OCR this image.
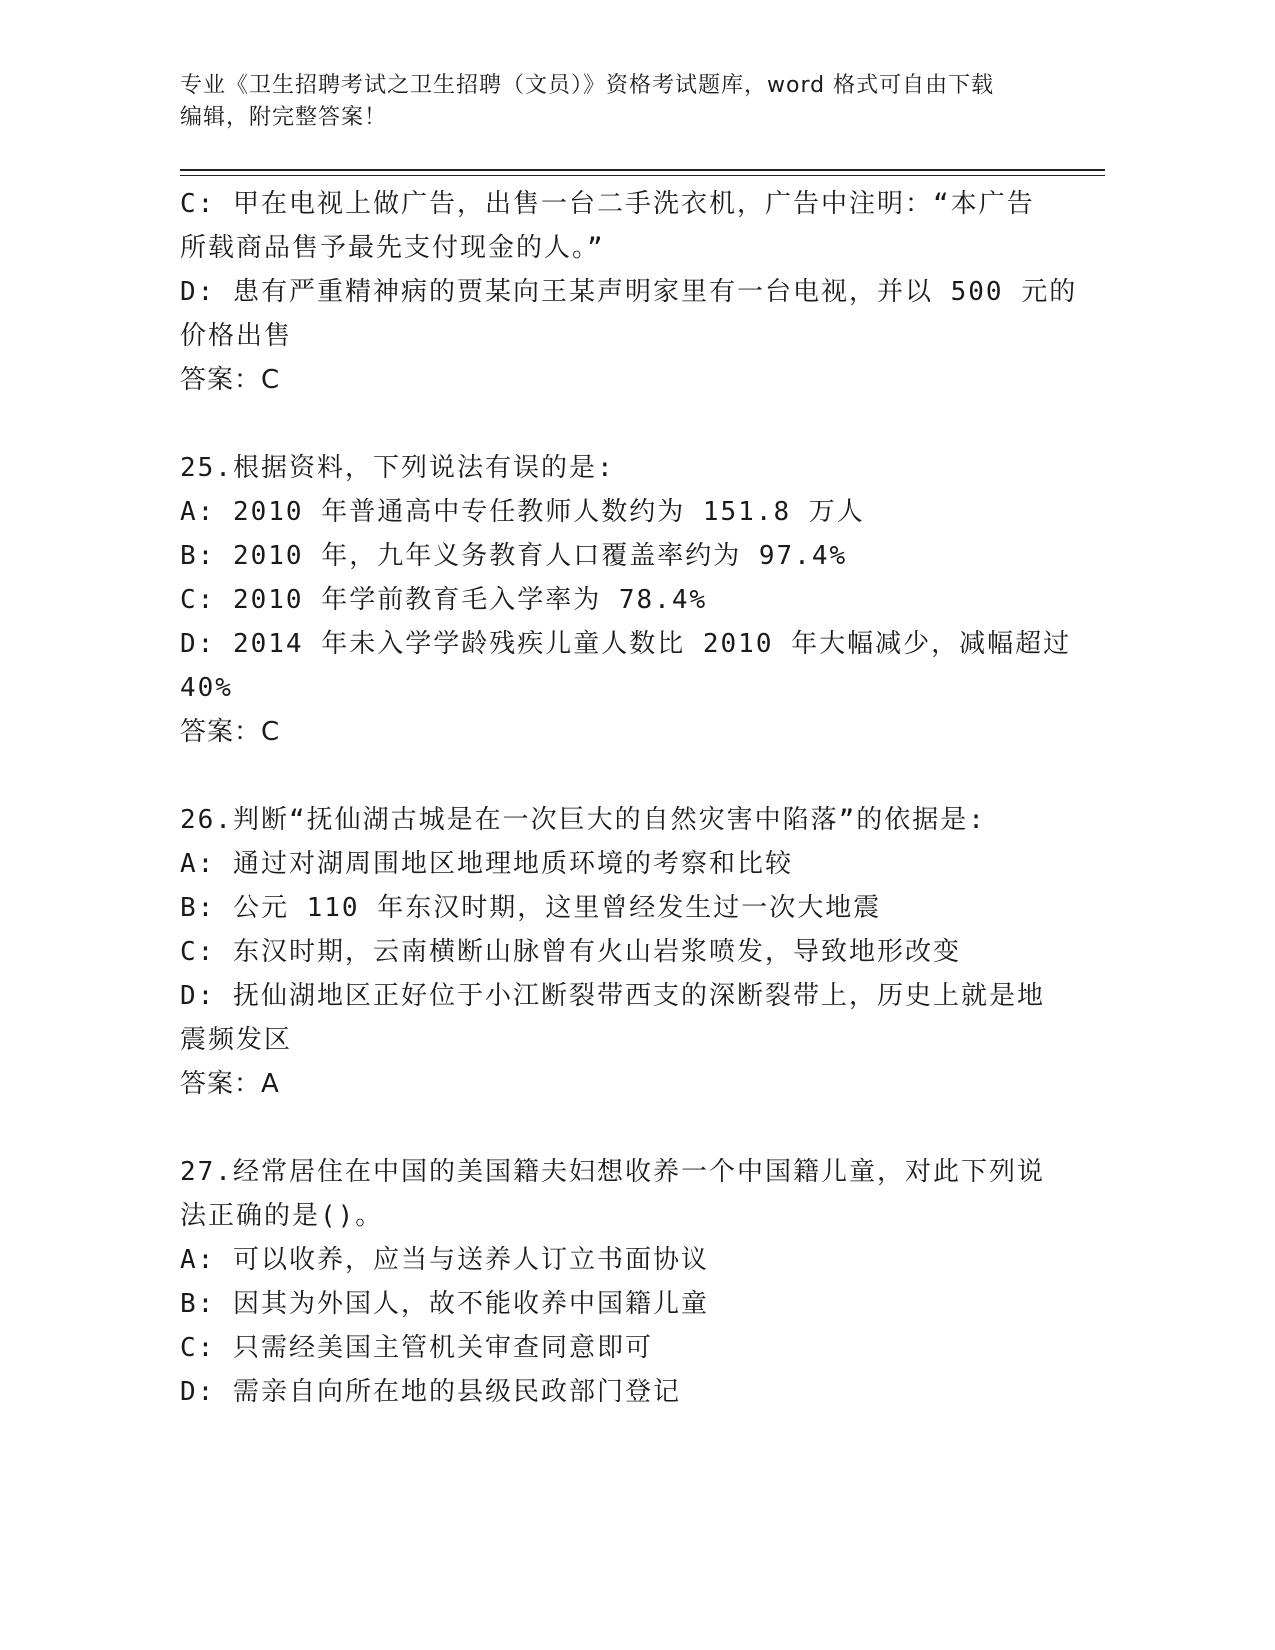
专业《卫生招聘考试之卫生招聘（文员）》资格考试题库，word 格式可自由下载
编辑，附完整答案！
C: 甲在电视上做广告，出售一台二手洗衣机，广告中注明：“本广告
所载商品售予最先支付现金的人。”
D: 患有严重精神病的贾某向王某声明家里有一台电视，并以 500 元的
价格出售
答案：C
25.根据资料，下列说法有误的是:
A: 2010 年普通高中专任教师人数约为 151.8 万人
B: 2010 年，九年义务教育人口覆盖率约为 97.4%
C: 2010 年学前教育毛入学率为 78.4%
D: 2014 年未入学学龄残疾儿童人数比 2010 年大幅减少，减幅超过
40%
答案：C
26.判断“抚仙湖古城是在一次巨大的自然灾害中陷落”的依据是:
A: 通过对湖周围地区地理地质环境的考察和比较
B: 公元 110 年东汉时期，这里曾经发生过一次大地震
C: 东汉时期，云南横断山脉曾有火山岩浆喷发，导致地形改变
D: 抚仙湖地区正好位于小江断裂带西支的深断裂带上，历史上就是地
震频发区
答案：A
27.经常居住在中国的美国籍夫妇想收养一个中国籍儿童，对此下列说
法正确的是()。
A: 可以收养，应当与送养人订立书面协议
B: 因其为外国人，故不能收养中国籍儿童
C: 只需经美国主管机关审查同意即可
D: 需亲自向所在地的县级民政部门登记
